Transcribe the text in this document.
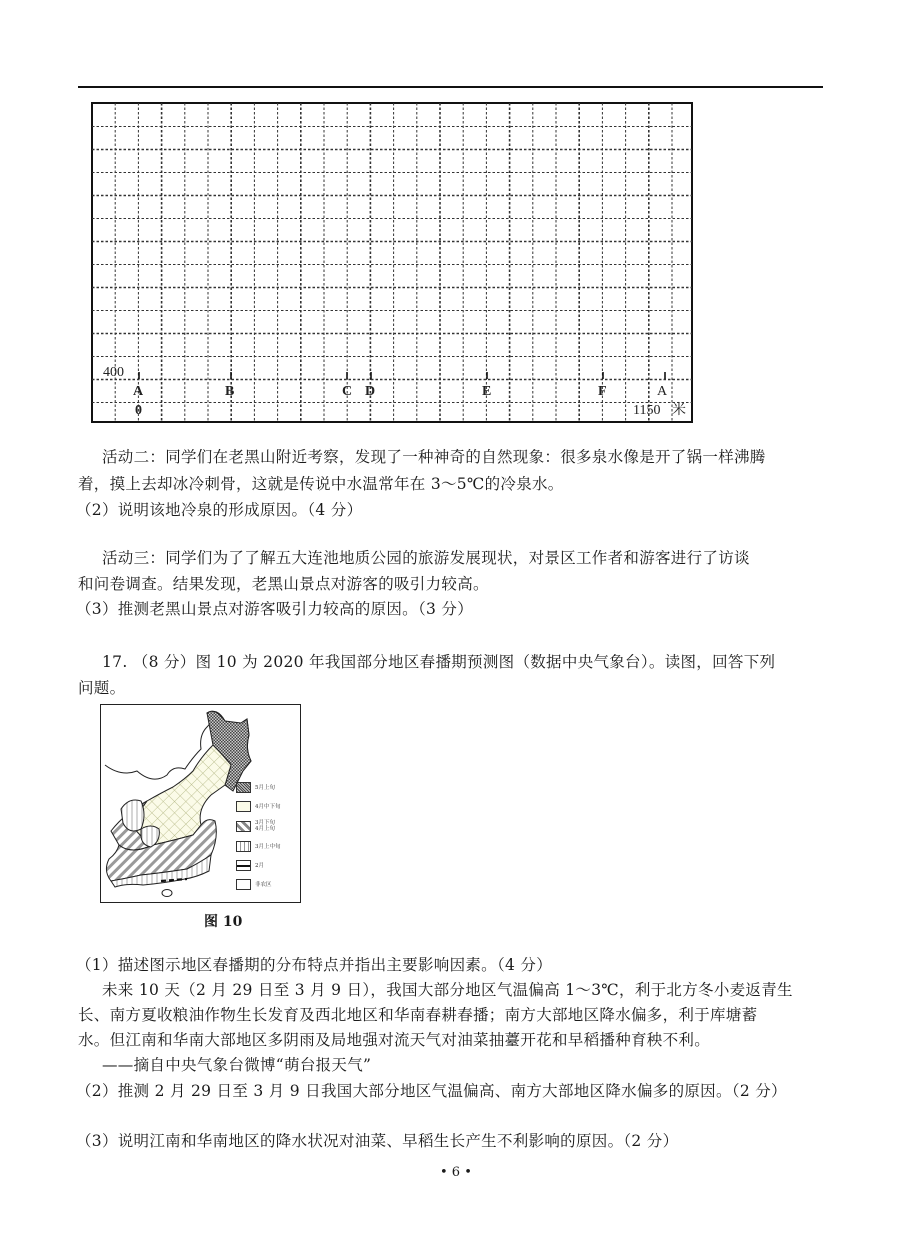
400
A	B	C D	E	F	A
0	1150 米
活动二：同学们在老黑山附近考察，发现了一种神奇的自然现象：很多泉水像是开了锅一样沸腾
着，摸上去却冰冷刺骨，这就是传说中水温常年在 3～5℃的冷泉水。
（2）说明该地冷泉的形成原因。（4 分）
活动三：同学们为了了解五大连池地质公园的旅游发展现状，对景区工作者和游客进行了访谈
和问卷调查。结果发现，老黑山景点对游客的吸引力较高。
（3）推测老黑山景点对游客吸引力较高的原因。（3 分）
17. （8 分）图 10 为 2020 年我国部分地区春播期预测图（数据中央气象台）。读图，回答下列
问题。
5月上旬
4月中下旬
3月下旬 4月上旬
3月上中旬
2月
非农区
图 10
（1）描述图示地区春播期的分布特点并指出主要影响因素。（4 分）
未来 10 天（2 月 29 日至 3 月 9 日），我国大部分地区气温偏高 1～3℃，利于北方冬小麦返青生
长、南方夏收粮油作物生长发育及西北地区和华南春耕春播；南方大部地区降水偏多，利于库塘蓄
水。但江南和华南大部地区多阴雨及局地强对流天气对油菜抽薹开花和早稻播种育秧不利。
——摘自中央气象台微博“萌台报天气”
（2）推测 2 月 29 日至 3 月 9 日我国大部分地区气温偏高、南方大部地区降水偏多的原因。（2 分）
（3）说明江南和华南地区的降水状况对油菜、早稻生长产生不利影响的原因。（2 分）
• 6 •
